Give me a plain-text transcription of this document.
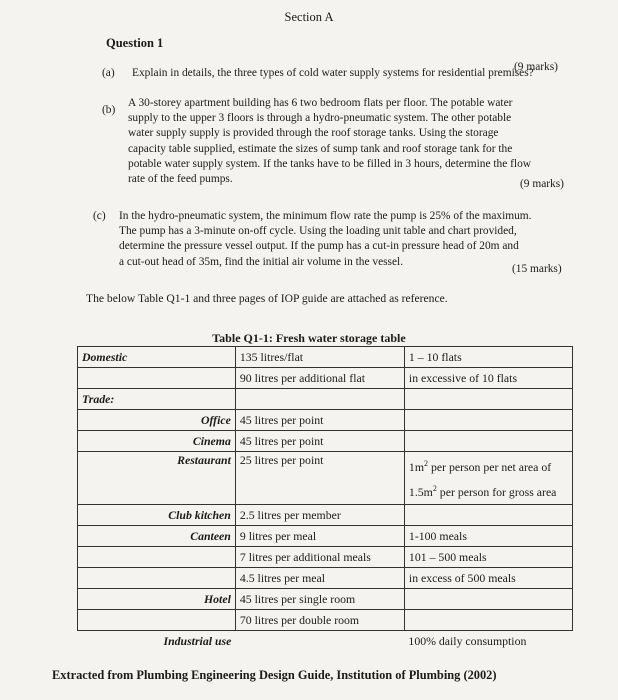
Section A
Question 1
(a) Explain in details, the three types of cold water supply systems for residential premises?
(9 marks)
(b)
A 30-storey apartment building has 6 two bedroom flats per floor. The potable water
supply to the upper 3 floors is through a hydro-pneumatic system. The other potable
water supply supply is provided through the roof storage tanks. Using the storage
capacity table supplied, estimate the sizes of sump tank and roof storage tank for the
potable water supply system. If the tanks have to be filled in 3 hours, determine the flow
rate of the feed pumps.	(9 marks)
(c) In the hydro-pneumatic system, the minimum flow rate the pump is 25% of the maximum.
The pump has a 3-minute on-off cycle. Using the loading unit table and chart provided,
determine the pressure vessel output. If the pump has a cut-in pressure head of 20m and
a cut-out head of 35m, find the initial air volume in the vessel.
(15 marks)
The below Table Q1-1 and three pages of IOP guide are attached as reference.
Table Q1-1: Fresh water storage table
Domestic	135 litres/flat	1 – 10 flats
	90 litres per additional flat	in excessive of 10 flats
Trade:		
Office	45 litres per point	
Cinema	45 litres per point	
Restaurant	25 litres per point	$1m^2$ per person per net area of $1.5m^2$ per person for gross area
Club kitchen	2.5 litres per member	
Canteen	9 litres per meal	1-100 meals
	7 litres per additional meals	101 – 500 meals
	4.5 litres per meal	in excess of 500 meals
Hotel	45 litres per single room	
	70 litres per double room	
Industrial use		100% daily consumption
Extracted from Plumbing Engineering Design Guide, Institution of Plumbing (2002)
